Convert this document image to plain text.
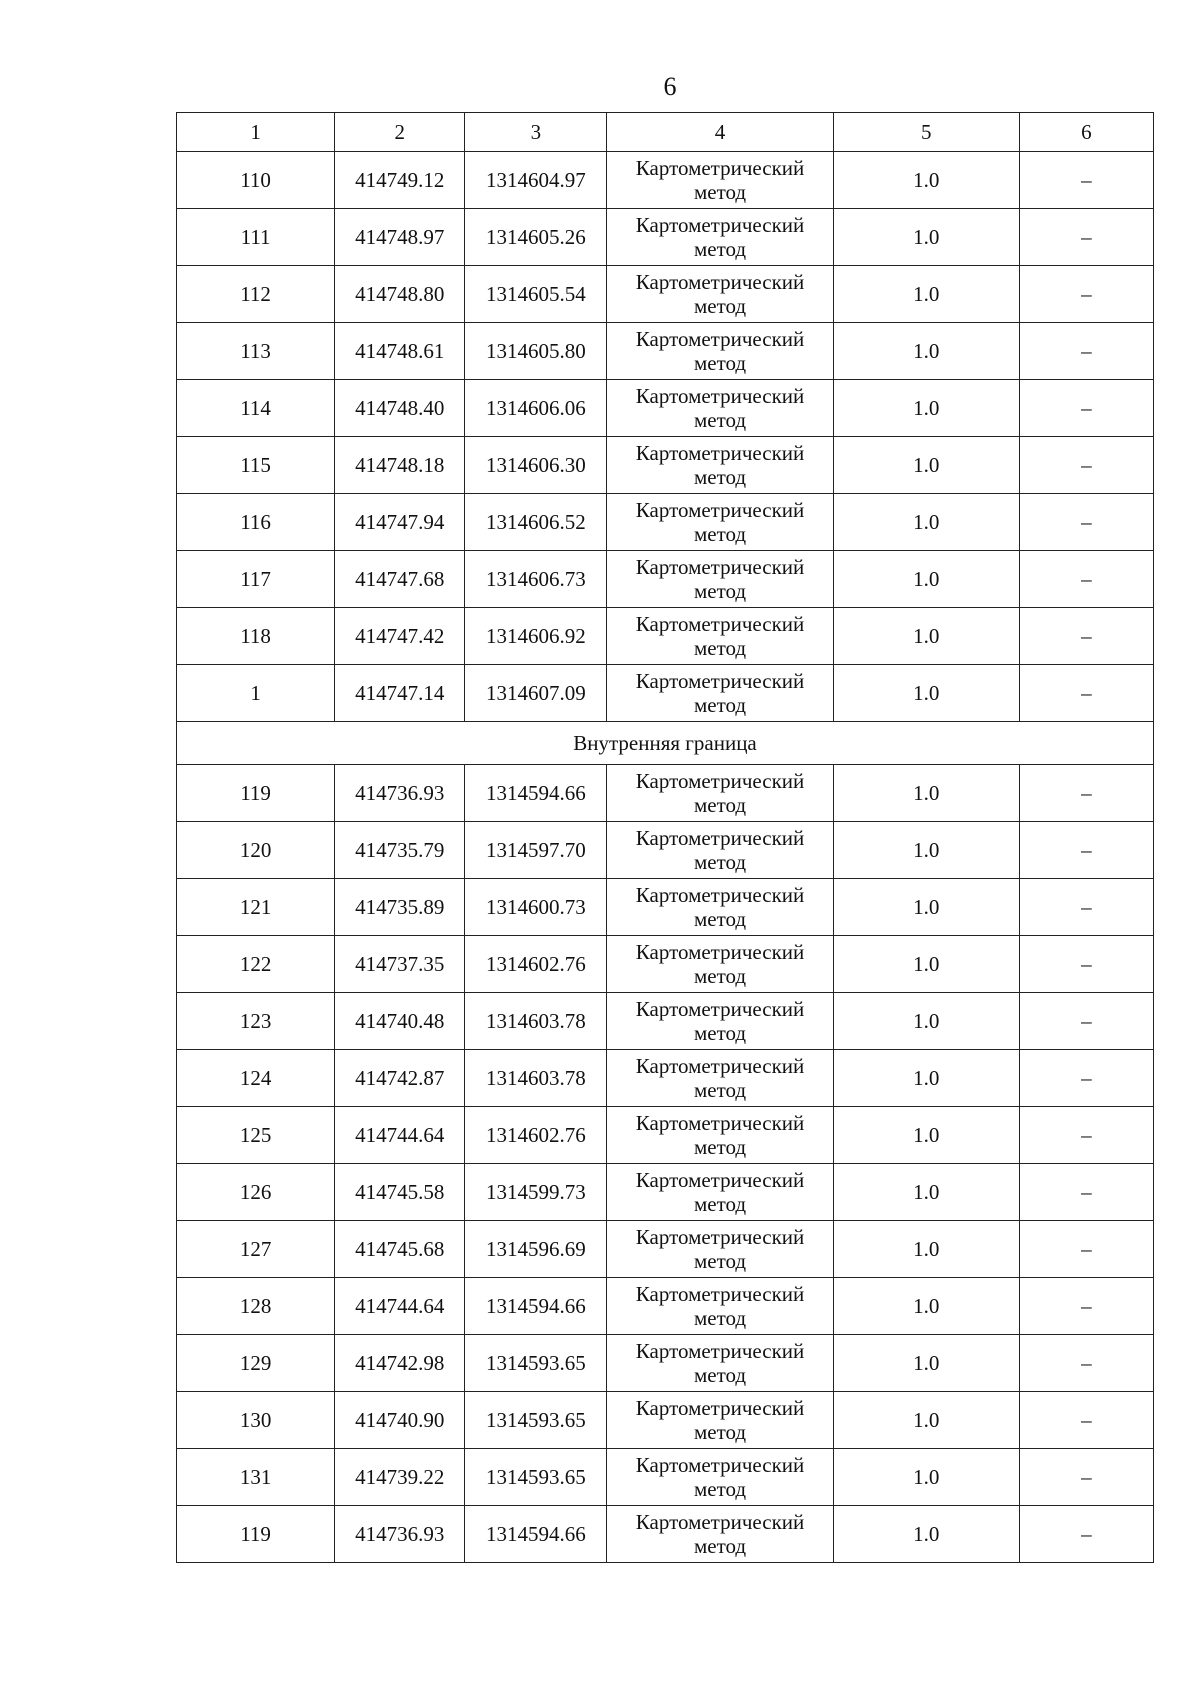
6
1	2	3	4	5	6
110	414749.12	1314604.97	Картометрический метод	1.0	–
111	414748.97	1314605.26	Картометрический метод	1.0	–
112	414748.80	1314605.54	Картометрический метод	1.0	–
113	414748.61	1314605.80	Картометрический метод	1.0	–
114	414748.40	1314606.06	Картометрический метод	1.0	–
115	414748.18	1314606.30	Картометрический метод	1.0	–
116	414747.94	1314606.52	Картометрический метод	1.0	–
117	414747.68	1314606.73	Картометрический метод	1.0	–
118	414747.42	1314606.92	Картометрический метод	1.0	–
1	414747.14	1314607.09	Картометрический метод	1.0	–
Внутренняя граница					
119	414736.93	1314594.66	Картометрический метод	1.0	–
120	414735.79	1314597.70	Картометрический метод	1.0	–
121	414735.89	1314600.73	Картометрический метод	1.0	–
122	414737.35	1314602.76	Картометрический метод	1.0	–
123	414740.48	1314603.78	Картометрический метод	1.0	–
124	414742.87	1314603.78	Картометрический метод	1.0	–
125	414744.64	1314602.76	Картометрический метод	1.0	–
126	414745.58	1314599.73	Картометрический метод	1.0	–
127	414745.68	1314596.69	Картометрический метод	1.0	–
128	414744.64	1314594.66	Картометрический метод	1.0	–
129	414742.98	1314593.65	Картометрический метод	1.0	–
130	414740.90	1314593.65	Картометрический метод	1.0	–
131	414739.22	1314593.65	Картометрический метод	1.0	–
119	414736.93	1314594.66	Картометрический метод	1.0	–
